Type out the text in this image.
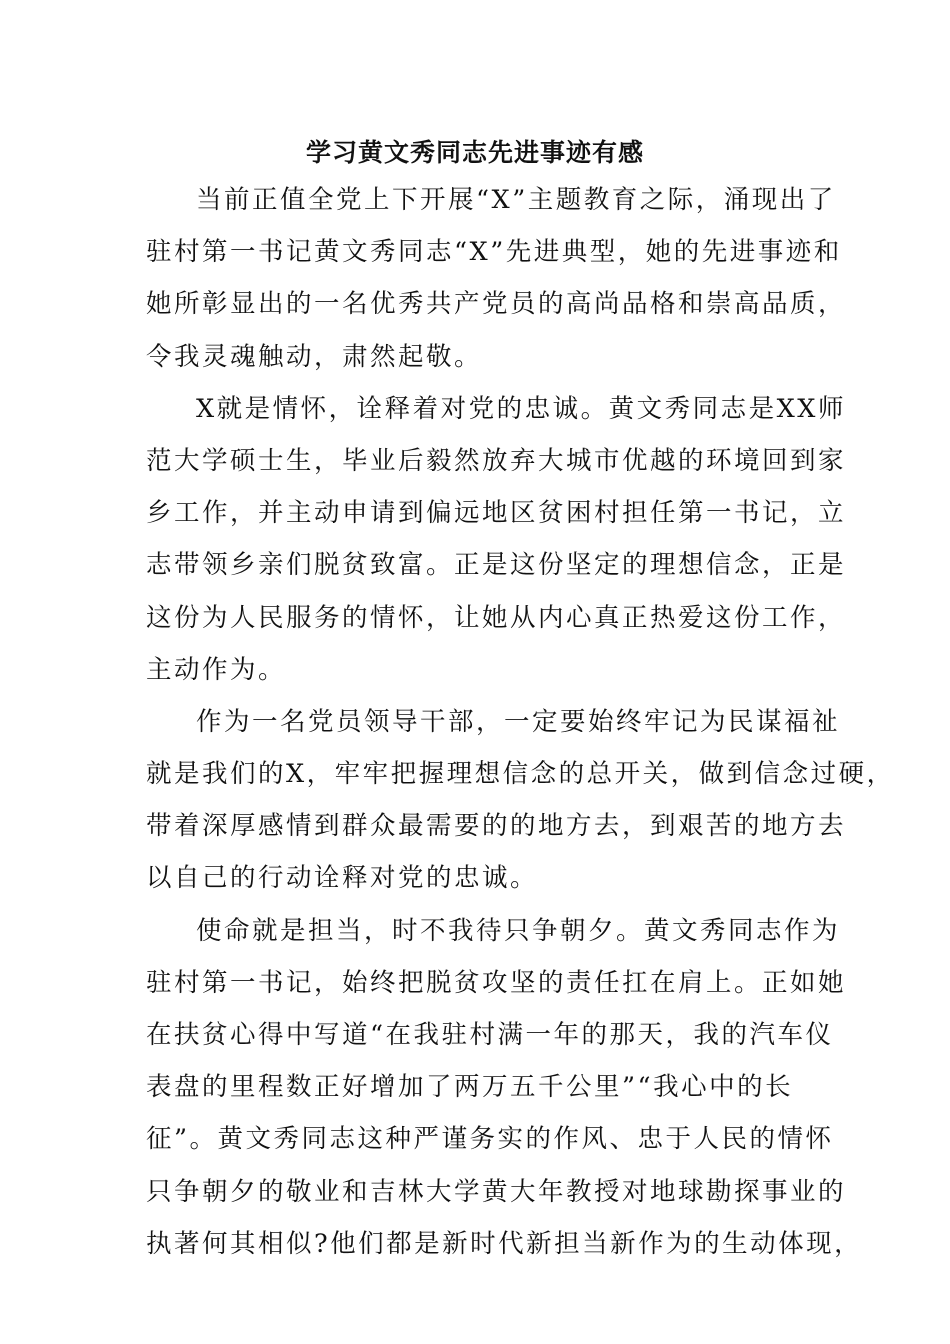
学习黄文秀同志先进事迹有感
当前正值全党上下开展“X”主题教育之际，涌现出了
驻村第一书记黄文秀同志“X”先进典型，她的先进事迹和
她所彰显出的一名优秀共产党员的高尚品格和崇高品质，
令我灵魂触动，肃然起敬。
X就是情怀，诠释着对党的忠诚。黄文秀同志是XX师
范大学硕士生，毕业后毅然放弃大城市优越的环境回到家
乡工作，并主动申请到偏远地区贫困村担任第一书记，立
志带领乡亲们脱贫致富。正是这份坚定的理想信念，正是
这份为人民服务的情怀，让她从内心真正热爱这份工作，
主动作为。
作为一名党员领导干部，一定要始终牢记为民谋福祉
就是我们的X，牢牢把握理想信念的总开关，做到信念过硬，
带着深厚感情到群众最需要的的地方去，到艰苦的地方去
以自己的行动诠释对党的忠诚。
使命就是担当，时不我待只争朝夕。黄文秀同志作为
驻村第一书记，始终把脱贫攻坚的责任扛在肩上。正如她
在扶贫心得中写道“在我驻村满一年的那天，我的汽车仪
表盘的里程数正好增加了两万五千公里”“我心中的长
征”。黄文秀同志这种严谨务实的作风、忠于人民的情怀
只争朝夕的敬业和吉林大学黄大年教授对地球勘探事业的
执著何其相似?他们都是新时代新担当新作为的生动体现，
